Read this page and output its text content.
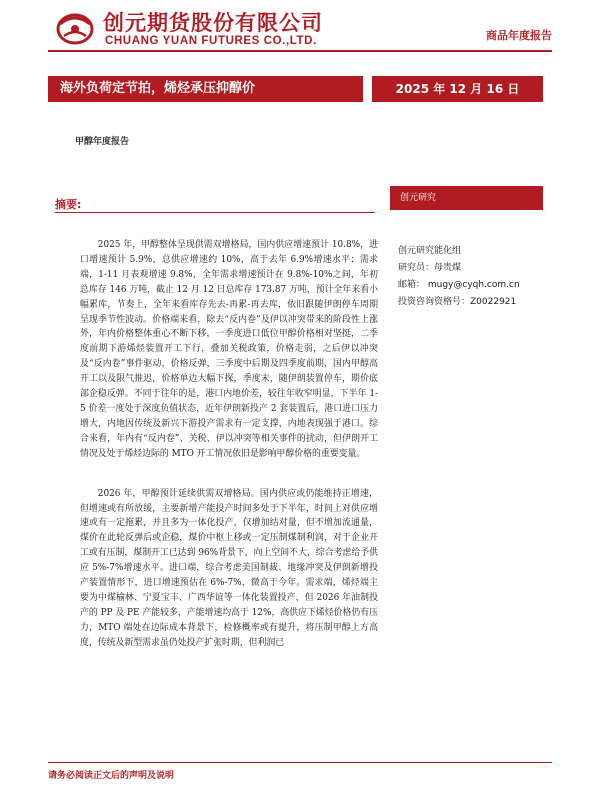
创元期货股份有限公司
CHUANG YUAN FUTURES CO.,LTD.	商品年度报告
海外负荷定节拍，烯烃承压抑醇价	2025 年 12 月 16 日
甲醇年度报告
摘要:	创元研究
创元研究能化组
研究员：母贵煤
邮箱： mugy@cyqh.com.cn
投资咨询资格号：Z0022921

2025 年，甲醇整体呈现供需双增格局，国内供应增速预计 10.8%，进口增速预计 5.9%，总供应增速约 10%，高于去年 6.9%增速水平；需求端，1-11 月表观增速 9.8%，全年需求增速预计在 9.8%-10%之间，年初总库存 146 万吨，截止 12 月 12 日总库存 173.87 万吨，预计全年来看小幅累库，节奏上，全年来看库存先去-再累-再去库，依旧跟随伊朗停车周期呈现季节性波动。价格端来看，除去“反内卷”及伊以冲突带来的阶段性上涨外，年内价格整体重心不断下移，一季度进口低位甲醇价格相对坚挺，二季度前期下游烯烃装置开工下行，叠加关税政策，价格走弱，之后伊以冲突及“反内卷”事件驱动，价格反弹，三季度中后期及四季度前期，国内甲醇高开工以及限气推迟，价格单边大幅下探，季度末，随伊朗装置停车，期价底部企稳反弹。不同于往年的是，港口内地价差，较往年收窄明显，下半年 1-5 价差一度处于深度负值状态，近年伊朗新投产 2 套装置后，港口进口压力增大，内地因传统及新兴下游投产需求有一定支撑，内地表现强于港口。综合来看，年内有“反内卷”、关税、伊以冲突等相关事件的扰动，但伊朗开工情况及处于烯烃边际的 MTO 开工情况依旧是影响甲醇价格的重要变量。

2026 年，甲醇预计延续供需双增格局。国内供应或仍能维持正增速，但增速或有所放缓，主要新增产能投产时间多处于下半年，时间上对供应增速或有一定拖累，并且多为一体化投产，仅增加结对量，但不增加流通量，煤价在此轮反弹后或企稳，煤价中枢上移或一定压制煤制利润，对于企业开工或有压制，煤制开工已达到 96%背景下，向上空间不大，综合考虑给予供应 5%-7%增速水平。进口端，综合考虑美国制裁、地缘冲突及伊朗新增投产装置情形下，进口增速预估在 6%-7%，微高于今年。需求端，烯烃端主要为中煤榆林、宁夏宝丰、广西华谊等一体化装置投产，但 2026 年油制投产的 PP 及 PE 产能较多，产能增速均高于 12%，高供应下烯烃价格仍有压力，MTO 端处在边际成本背景下，检修概率或有提升，将压制甲醇上方高度，传统及新型需求虽仍处投产扩张时期，但利润已

请务必阅读正文后的声明及说明
